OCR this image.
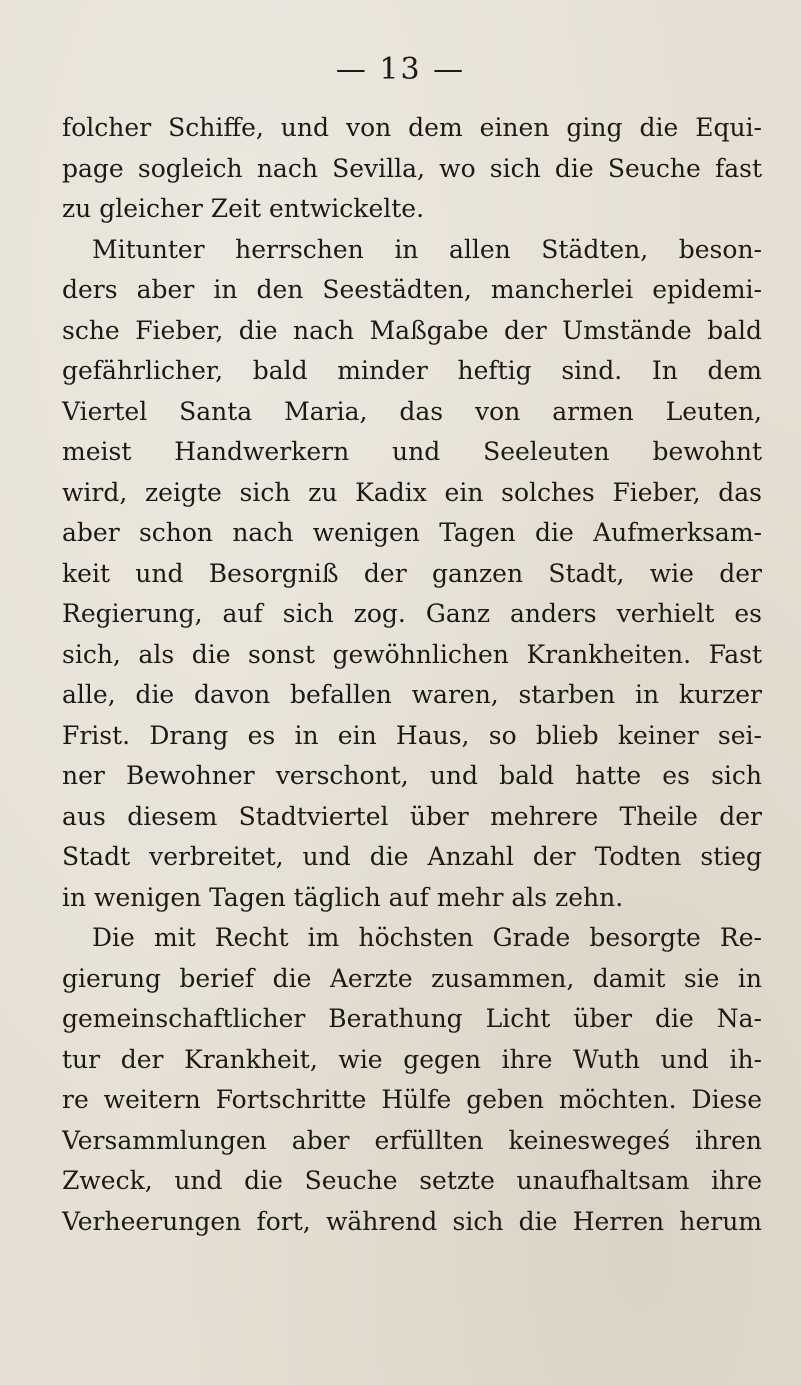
— 13 —
folcher Schiffe, und von dem einen ging die Equi-
page sogleich nach Sevilla, wo sich die Seuche fast
zu gleicher Zeit entwickelte.
Mitunter herrschen in allen Städten, beson-
ders aber in den Seestädten, mancherlei epidemi-
sche Fieber, die nach Maßgabe der Umstände bald
gefährlicher, bald minder heftig sind. In dem
Viertel Santa Maria, das von armen Leuten,
meist Handwerkern und Seeleuten bewohnt
wird, zeigte sich zu Kadix ein solches Fieber, das
aber schon nach wenigen Tagen die Aufmerksam-
keit und Besorgniß der ganzen Stadt, wie der
Regierung, auf sich zog. Ganz anders verhielt es
sich, als die sonst gewöhnlichen Krankheiten. Fast
alle, die davon befallen waren, starben in kurzer
Frist. Drang es in ein Haus, so blieb keiner sei-
ner Bewohner verschont, und bald hatte es sich
aus diesem Stadtviertel über mehrere Theile der
Stadt verbreitet, und die Anzahl der Todten stieg
in wenigen Tagen täglich auf mehr als zehn.
Die mit Recht im höchsten Grade besorgte Re-
gierung berief die Aerzte zusammen, damit sie in
gemeinschaftlicher Berathung Licht über die Na-
tur der Krankheit, wie gegen ihre Wuth und ih-
re weitern Fortschritte Hülfe geben möchten. Diese
Versammlungen aber erfüllten keineswegeś ihren
Zweck, und die Seuche setzte unaufhaltsam ihre
Verheerungen fort, während sich die Herren herum
